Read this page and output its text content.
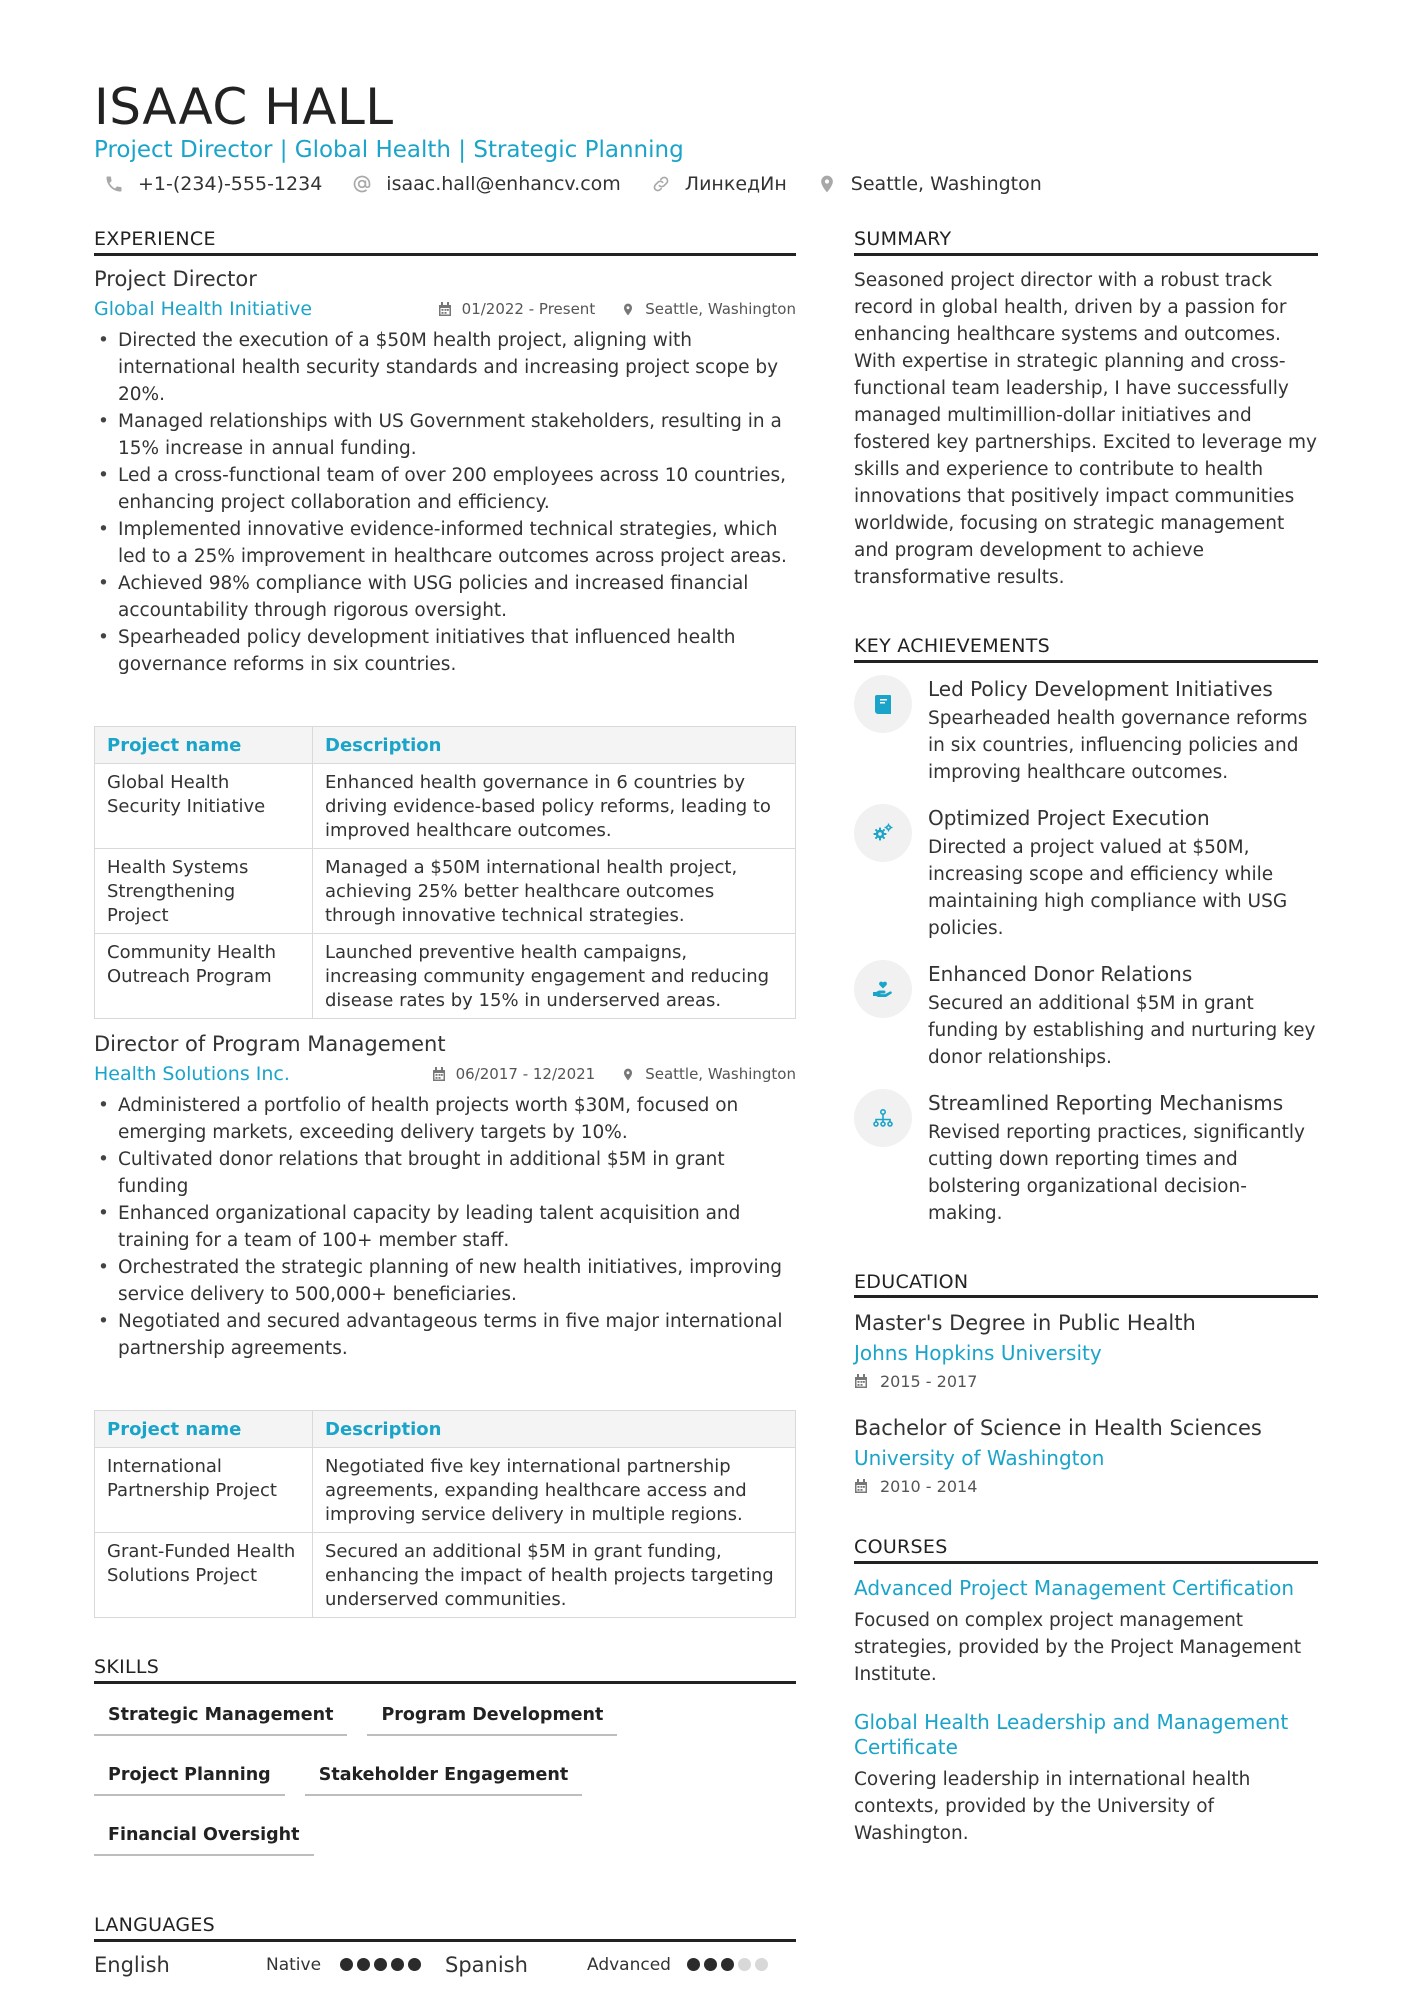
ISAAC HALL
Project Director | Global Health | Strategic Planning
+1-(234)-555-1234	isaac.hall@enhancv.com	ЛинкедИн	Seattle, Washington
EXPERIENCE
Project Director
Global Health Initiative	01/2022 - Present	Seattle, Washington
• Directed the execution of a $50M health project, aligning with international health security standards and increasing project scope by 20%.
• Managed relationships with US Government stakeholders, resulting in a 15% increase in annual funding.
• Led a cross-functional team of over 200 employees across 10 countries, enhancing project collaboration and efficiency.
• Implemented innovative evidence-informed technical strategies, which led to a 25% improvement in healthcare outcomes across project areas.
• Achieved 98% compliance with USG policies and increased financial accountability through rigorous oversight.
• Spearheaded policy development initiatives that influenced health governance reforms in six countries.
Project name	Description
Global Health Security Initiative	Enhanced health governance in 6 countries by driving evidence-based policy reforms, leading to improved healthcare outcomes.
Health Systems Strengthening Project	Managed a $50M international health project, achieving 25% better healthcare outcomes through innovative technical strategies.
Community Health Outreach Program	Launched preventive health campaigns, increasing community engagement and reducing disease rates by 15% in underserved areas.
Director of Program Management
Health Solutions Inc.	06/2017 - 12/2021	Seattle, Washington
• Administered a portfolio of health projects worth $30M, focused on emerging markets, exceeding delivery targets by 10%.
• Cultivated donor relations that brought in additional $5M in grant funding
• Enhanced organizational capacity by leading talent acquisition and training for a team of 100+ member staff.
• Orchestrated the strategic planning of new health initiatives, improving service delivery to 500,000+ beneficiaries.
• Negotiated and secured advantageous terms in five major international partnership agreements.
Project name	Description
International Partnership Project	Negotiated five key international partnership agreements, expanding healthcare access and improving service delivery in multiple regions.
Grant-Funded Health Solutions Project	Secured an additional $5M in grant funding, enhancing the impact of health projects targeting underserved communities.
SKILLS
Strategic Management	Program Development
Project Planning	Stakeholder Engagement
Financial Oversight
LANGUAGES
English	Native	Spanish	Advanced
SUMMARY
Seasoned project director with a robust track record in global health, driven by a passion for enhancing healthcare systems and outcomes. With expertise in strategic planning and cross-functional team leadership, I have successfully managed multimillion-dollar initiatives and fostered key partnerships. Excited to leverage my skills and experience to contribute to health innovations that positively impact communities worldwide, focusing on strategic management and program development to achieve transformative results.
KEY ACHIEVEMENTS
Led Policy Development Initiatives
Spearheaded health governance reforms in six countries, influencing policies and improving healthcare outcomes.
Optimized Project Execution
Directed a project valued at $50M, increasing scope and efficiency while maintaining high compliance with USG policies.
Enhanced Donor Relations
Secured an additional $5M in grant funding by establishing and nurturing key donor relationships.
Streamlined Reporting Mechanisms
Revised reporting practices, significantly cutting down reporting times and bolstering organizational decision-making.
EDUCATION
Master's Degree in Public Health
Johns Hopkins University
2015 - 2017
Bachelor of Science in Health Sciences
University of Washington
2010 - 2014
COURSES
Advanced Project Management Certification
Focused on complex project management strategies, provided by the Project Management Institute.
Global Health Leadership and Management Certificate
Covering leadership in international health contexts, provided by the University of Washington.
